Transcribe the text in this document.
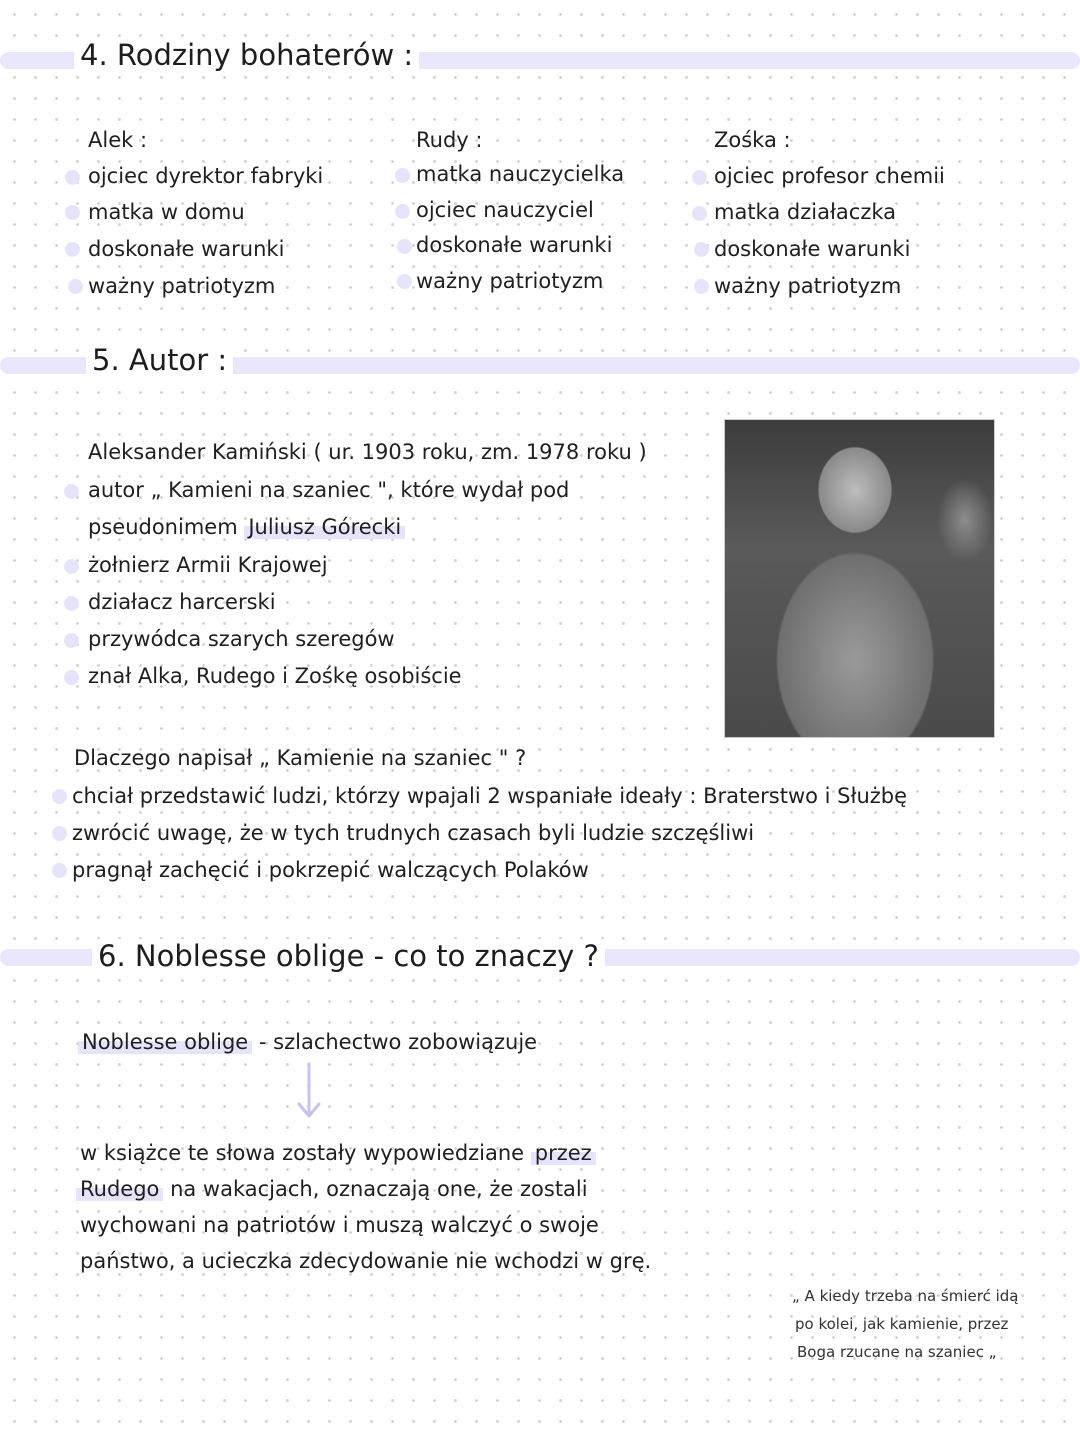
4. Rodziny bohaterów :
Alek :
ojciec dyrektor fabryki
matka w domu
doskonałe warunki
ważny patriotyzm
Rudy :
matka nauczycielka
ojciec nauczyciel
doskonałe warunki
ważny patriotyzm
Zośka :
ojciec profesor chemii
matka działaczka
doskonałe warunki
ważny patriotyzm
5. Autor :
Aleksander Kamiński ( ur. 1903 roku, zm. 1978 roku )
autor „ Kamieni na szaniec ", które wydał pod
pseudonimem Juliusz Górecki
żołnierz Armii Krajowej
działacz harcerski
przywódca szarych szeregów
znał Alka, Rudego i Zośkę osobiście
Dlaczego napisał „ Kamienie na szaniec " ?
chciał przedstawić ludzi, którzy wpajali 2 wspaniałe ideały : Braterstwo i Służbę
zwrócić uwagę, że w tych trudnych czasach byli ludzie szczęśliwi
pragnął zachęcić i pokrzepić walczących Polaków
6. Noblesse oblige - co to znaczy ?
Noblesse oblige - szlachectwo zobowiązuje
w książce te słowa zostały wypowiedziane przez
Rudego na wakacjach, oznaczają one, że zostali
wychowani na patriotów i muszą walczyć o swoje
państwo, a ucieczka zdecydowanie nie wchodzi w grę.
„ A kiedy trzeba na śmierć idą
po kolei, jak kamienie, przez
Boga rzucane na szaniec „
